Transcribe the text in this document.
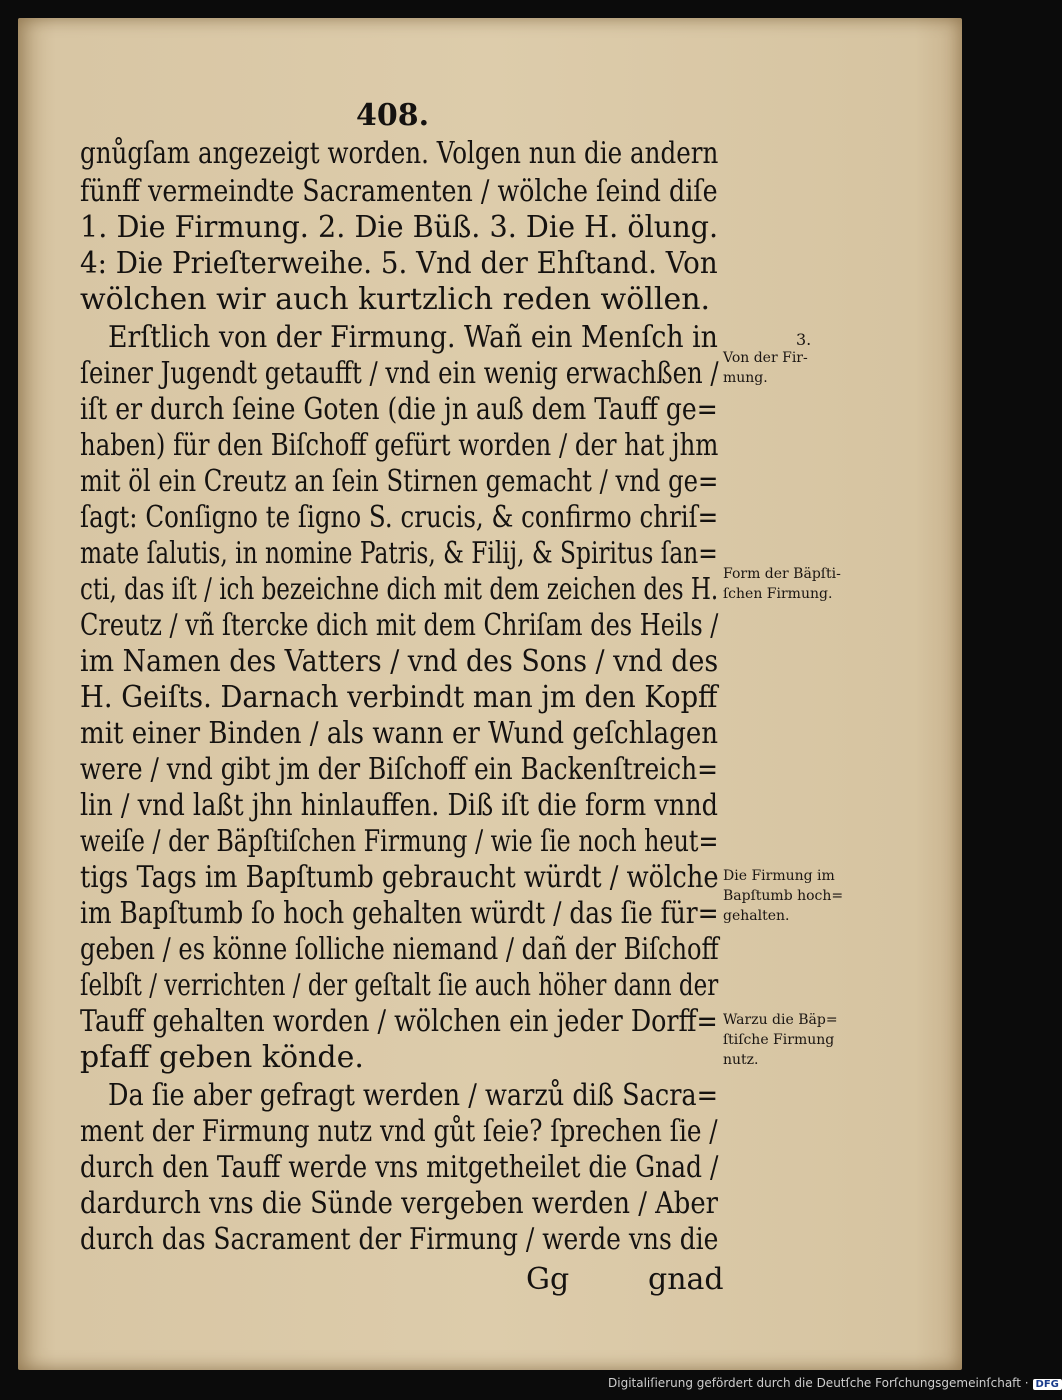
408.
gnůgſam angezeigt worden. Volgen nun die andern
fünff vermeindte Sacramenten / wölche ſeind diſe
1. Die Firmung. 2. Die Büß. 3. Die H. ölung.
4: Die Prieſterweihe. 5. Vnd der Ehſtand. Von
wölchen wir auch kurtzlich reden wöllen.
Erſtlich von der Firmung. Wañ ein Menſch in
ſeiner Jugendt getaufft / vnd ein wenig erwachßen /
iſt er durch ſeine Goten (die jn auß dem Tauff ge=
haben) für den Biſchoff gefürt worden / der hat jhm
mit öl ein Creutz an ſein Stirnen gemacht / vnd ge=
ſagt: Conſigno te ſigno S. crucis, & confirmo chriſ=
mate ſalutis, in nomine Patris, & Filij, & Spiritus ſan=
cti, das iſt / ich bezeichne dich mit dem zeichen des H.
Creutz / vñ ſtercke dich mit dem Chriſam des Heils /
im Namen des Vatters / vnd des Sons / vnd des
H. Geiſts. Darnach verbindt man jm den Kopff
mit einer Binden / als wann er Wund geſchlagen
were / vnd gibt jm der Biſchoff ein Backenſtreich=
lin / vnd laßt jhn hinlauffen. Diß iſt die form vnnd
weiſe / der Bäpſtiſchen Firmung / wie ſie noch heut=
tigs Tags im Bapſtumb gebraucht würdt / wölche
im Bapſtumb ſo hoch gehalten würdt / das ſie für=
geben / es könne ſolliche niemand / dañ der Biſchoff
ſelbſt / verrichten / der geſtalt ſie auch höher dann der
Tauff gehalten worden / wölchen ein jeder Dorff=
pfaff geben könde.
Da ſie aber gefragt werden / warzů diß Sacra=
ment der Firmung nutz vnd gůt ſeie? ſprechen ſie /
durch den Tauff werde vns mitgetheilet die Gnad /
dardurch vns die Sünde vergeben werden / Aber
durch das Sacrament der Firmung / werde vns die
3.
Von der Fir-
mung.
Form der Bäpſti-
ſchen Firmung.
Die Firmung im
Bapſtumb hoch=
gehalten.
Warzu die Bäp=
ſtiſche Firmung
nutz.
Gg	gnad
Digitaliſierung gefördert durch die Deutſche Forſchungsgemeinſchaft · DFG
